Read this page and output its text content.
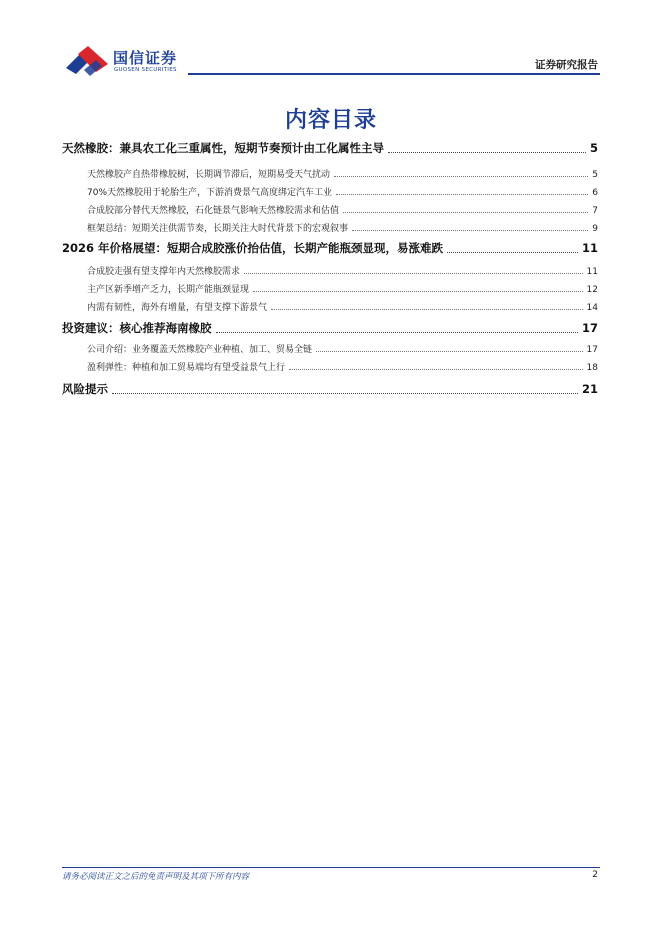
国信证券
GUOSEN SECURITIES	证券研究报告
内容目录
天然橡胶：兼具农工化三重属性，短期节奏预计由工化属性主导	5
天然橡胶产自热带橡胶树，长期调节滞后，短期易受天气扰动	5
70%天然橡胶用于轮胎生产，下游消费景气高度绑定汽车工业	6
合成胶部分替代天然橡胶，石化链景气影响天然橡胶需求和估值	7
框架总结：短期关注供需节奏，长期关注大时代背景下的宏观叙事	9
2026 年价格展望：短期合成胶涨价抬估值，长期产能瓶颈显现，易涨难跌	11
合成胶走强有望支撑年内天然橡胶需求	11
主产区新季增产乏力，长期产能瓶颈显现	12
内需有韧性，海外有增量，有望支撑下游景气	14
投资建议：核心推荐海南橡胶	17
公司介绍：业务覆盖天然橡胶产业种植、加工、贸易全链	17
盈利弹性：种植和加工贸易端均有望受益景气上行	18
风险提示	21
请务必阅读正文之后的免责声明及其项下所有内容	2
